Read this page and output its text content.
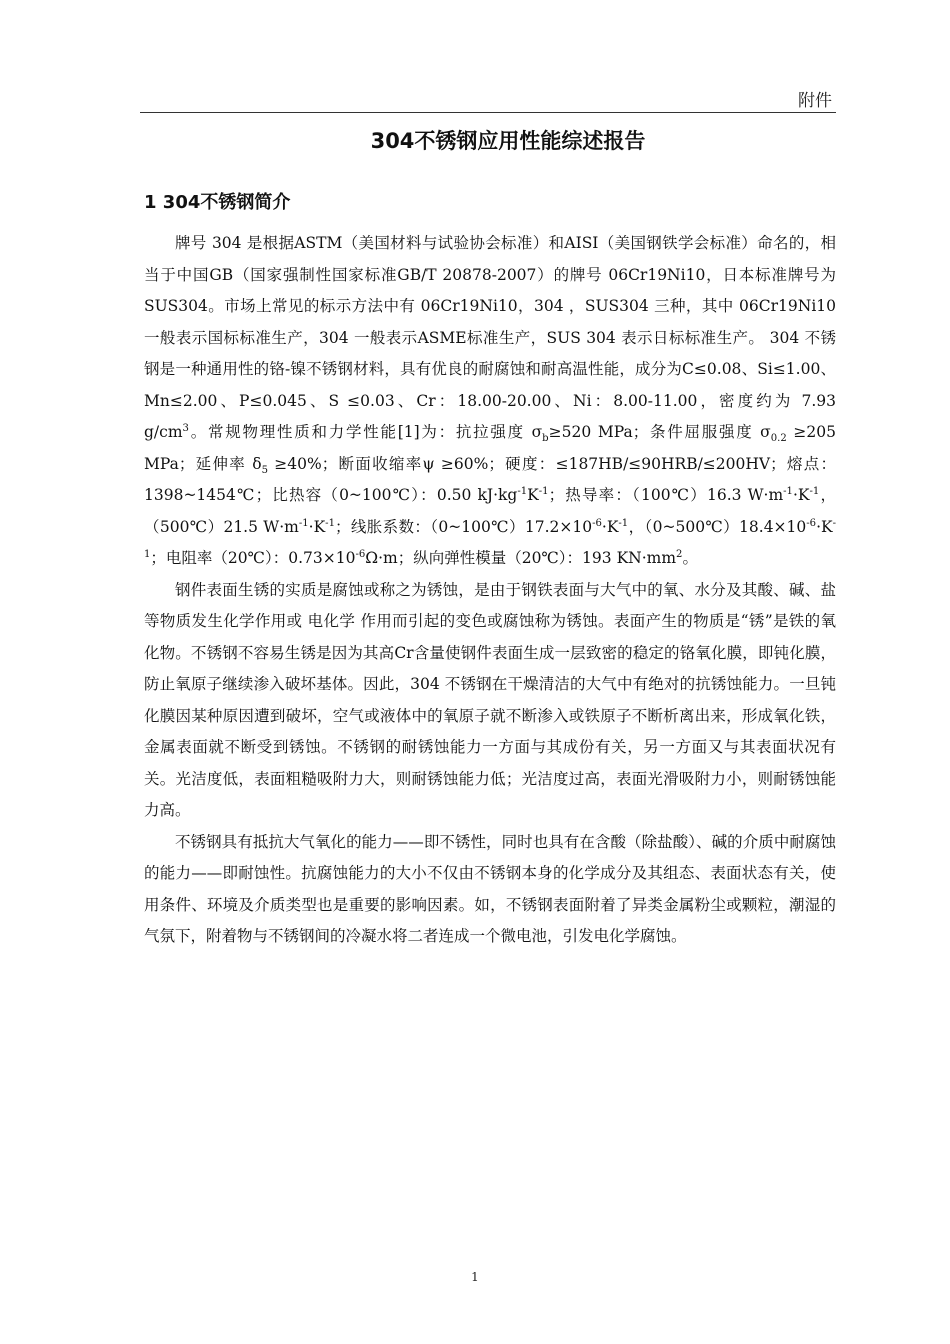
附件
304不锈钢应用性能综述报告
1 304不锈钢简介

牌号 304 是根据ASTM（美国材料与试验协会标准）和AISI（美国钢铁学会标准）命名的，相当于中国GB（国家强制性国家标准GB/T 20878-2007）的牌号 06Cr19Ni10，日本标准牌号为SUS304。市场上常见的标示方法中有 06Cr19Ni10，304 ，SUS304 三种，其中 06Cr19Ni10 一般表示国标标准生产，304 一般表示ASME标准生产，SUS 304 表示日标标准生产。 304 不锈钢是一种通用性的铬-镍不锈钢材料，具有优良的耐腐蚀和耐高温性能，成分为C≤0.08、Si≤1.00、Mn≤2.00、P≤0.045、S ≤0.03、Cr：18.00-20.00、Ni：8.00-11.00，密度约为 7.93 $g/cm^3$。常规物理性质和力学性能[1]为：抗拉强度 $\sigma_b\ge 520$ MPa；条件屈服强度 $\sigma_{0.2} \ge 205$ MPa；延伸率 $\delta_5 \ge 40\%$；断面收缩率ψ ≥60%；硬度：≤187HB/≤90HRB/≤200HV；熔点：1398~1454℃；比热容（0~100℃）：0.50 $kJ\cdot kg^{-1}K^{-1}$；热导率：（100℃）16.3 $W\cdot m^{-1}\cdot K^{-1}$，（500℃）21.5 $W\cdot m^{-1}\cdot K^{-1}$；线胀系数：$(0\sim 100℃)17.2\times 10^{-6}\cdot K^{-1}$，$(0\sim 500℃)18.4\times 10^{-6}\cdot K^{-1}$；电阻率（20℃）：$0.73\times 10^{-6}\Omega\cdot m$；纵向弹性模量（20℃）：193 $KN\cdot mm^2$。

钢件表面生锈的实质是腐蚀或称之为锈蚀，是由于钢铁表面与大气中的氧、水分及其酸、碱、盐等物质发生化学作用或 电化学 作用而引起的变色或腐蚀称为锈蚀。表面产生的物质是“锈”是铁的氧化物。不锈钢不容易生锈是因为其高Cr含量使钢件表面生成一层致密的稳定的铬氧化膜，即钝化膜，防止氧原子继续渗入破坏基体。因此，304 不锈钢在干燥清洁的大气中有绝对的抗锈蚀能力。一旦钝化膜因某种原因遭到破坏，空气或液体中的氧原子就不断渗入或铁原子不断析离出来，形成氧化铁，金属表面就不断受到锈蚀。不锈钢的耐锈蚀能力一方面与其成份有关，另一方面又与其表面状况有关。光洁度低，表面粗糙吸附力大，则耐锈蚀能力低；光洁度过高，表面光滑吸附力小，则耐锈蚀能力高。

不锈钢具有抵抗大气氧化的能力——即不锈性，同时也具有在含酸（除盐酸）、碱的介质中耐腐蚀的能力——即耐蚀性。抗腐蚀能力的大小不仅由不锈钢本身的化学成分及其组态、表面状态有关，使用条件、环境及介质类型也是重要的影响因素。如，不锈钢表面附着了异类金属粉尘或颗粒，潮湿的气氛下，附着物与不锈钢间的冷凝水将二者连成一个微电池，引发电化学腐蚀。

1
